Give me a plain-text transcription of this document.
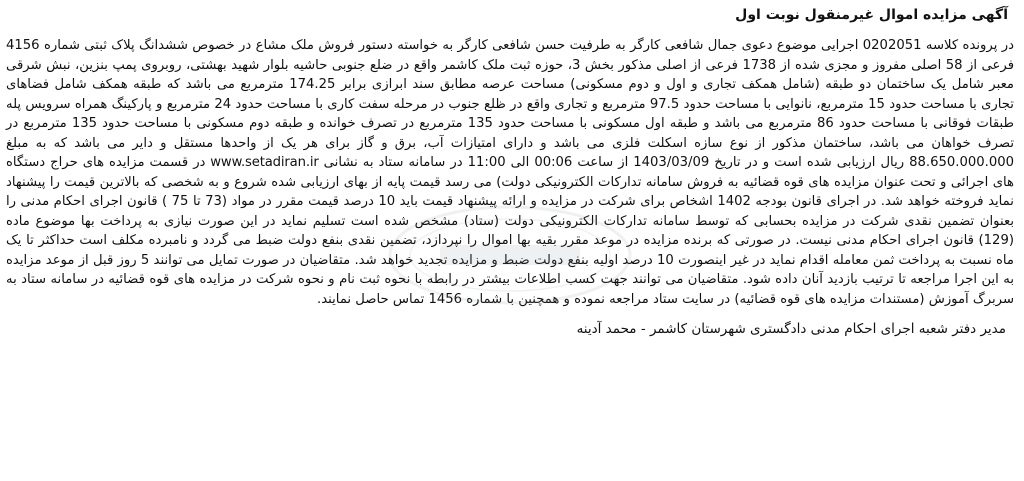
آگهی مزایده اموال غیرمنقول نوبت اول
در پرونده کلاسه 0202051 اجرایی موضوع دعوی جمال شافعی کارگر به طرفیت حسن شافعی کارگر به خواسته دستور فروش ملک مشاع در خصوص ششدانگ پلاک ثبتی شماره 4156 فرعی از 58 اصلی مفروز و مجزی شده از 1738 فرعی از اصلی مذکور بخش 3، حوزه ثبت ملک کاشمر واقع در ضلع جنوبی حاشیه بلوار شهید بهشتی، روبروی پمپ بنزین، نبش شرقی معبر شامل یک ساختمان دو طبقه (شامل همکف تجاری و اول و دوم مسکونی) مساحت عرصه مطابق سند ابرازی برابر 174.25 مترمربع می باشد که طبقه همکف شامل فضاهای تجاری با مساحت حدود 15 مترمربع، نانوایی با مساحت حدود 97.5 مترمربع و تجاری واقع در ظلع جنوب در مرحله سفت کاری با مساحت حدود 24 مترمربع و پارکینگ همراه سرویس پله طبقات فوقانی با مساحت حدود 86 مترمربع می باشد و طبقه اول مسکونی با مساحت حدود 135 مترمربع در تصرف خوانده و طبقه دوم مسکونی با مساحت حدود 135 مترمربع در تصرف خواهان می باشد، ساختمان مذکور از نوع سازه اسکلت فلزی می باشد و دارای امتیازات آب، برق و گاز برای هر یک از واحدها مستقل و دایر می باشد که به مبلغ 88.650.000.000 ریال ارزیابی شده است و در تاریخ 1403/03/09 از ساعت 00:06 الی 11:00 در سامانه ستاد به نشانی www.setadiran.ir در قسمت مزایده های حراج دستگاه های اجرائی و تحت عنوان مزایده های قوه قضائیه به فروش سامانه تدارکات الکترونیکی دولت) می رسد قیمت پایه از بهای ارزیابی شده شروع و به شخصی که بالاترین قیمت را پیشنهاد نماید فروخته خواهد شد. در اجرای قانون بودجه 1402 اشخاص برای شرکت در مزایده و ارائه پیشنهاد قیمت باید 10 درصد قیمت مقرر در مواد (73 تا 75 ) قانون اجرای احکام مدنی را بعنوان تضمین نقدی شرکت در مزایده بحسابی که توسط سامانه تدارکات الکترونیکی دولت (ستاد) مشخص شده است تسلیم نماید در این صورت نیازی به پرداخت بها موضوع ماده (129) قانون اجرای احکام مدنی نیست. در صورتی که برنده مزایده در موعد مقرر بقیه بها اموال را نپردازد، تضمین نقدی بنفع دولت ضبط می گردد و نامبرده مکلف است حداکثر تا یک ماه نسبت به پرداخت ثمن معامله اقدام نماید در غیر اینصورت 10 درصد اولیه بنفع دولت ضبط و مزایده تجدید خواهد شد. متقاضیان در صورت تمایل می توانند 5 روز قبل از موعد مزایده به این اجرا مراجعه تا ترتیب بازدید آنان داده شود. متقاضیان می توانند جهت کسب اطلاعات بیشتر در رابطه با نحوه ثبت نام و نحوه شرکت در مزایده های قوه قضائیه در سامانه ستاد به سربرگ آموزش (مستندات مزایده های قوه قضائیه) در سایت ستاد مراجعه نموده و همچنین با شماره 1456 تماس حاصل نمایند.
مدیر دفتر شعبه اجرای احکام مدنی دادگستری شهرستان کاشمر - محمد آدینه
